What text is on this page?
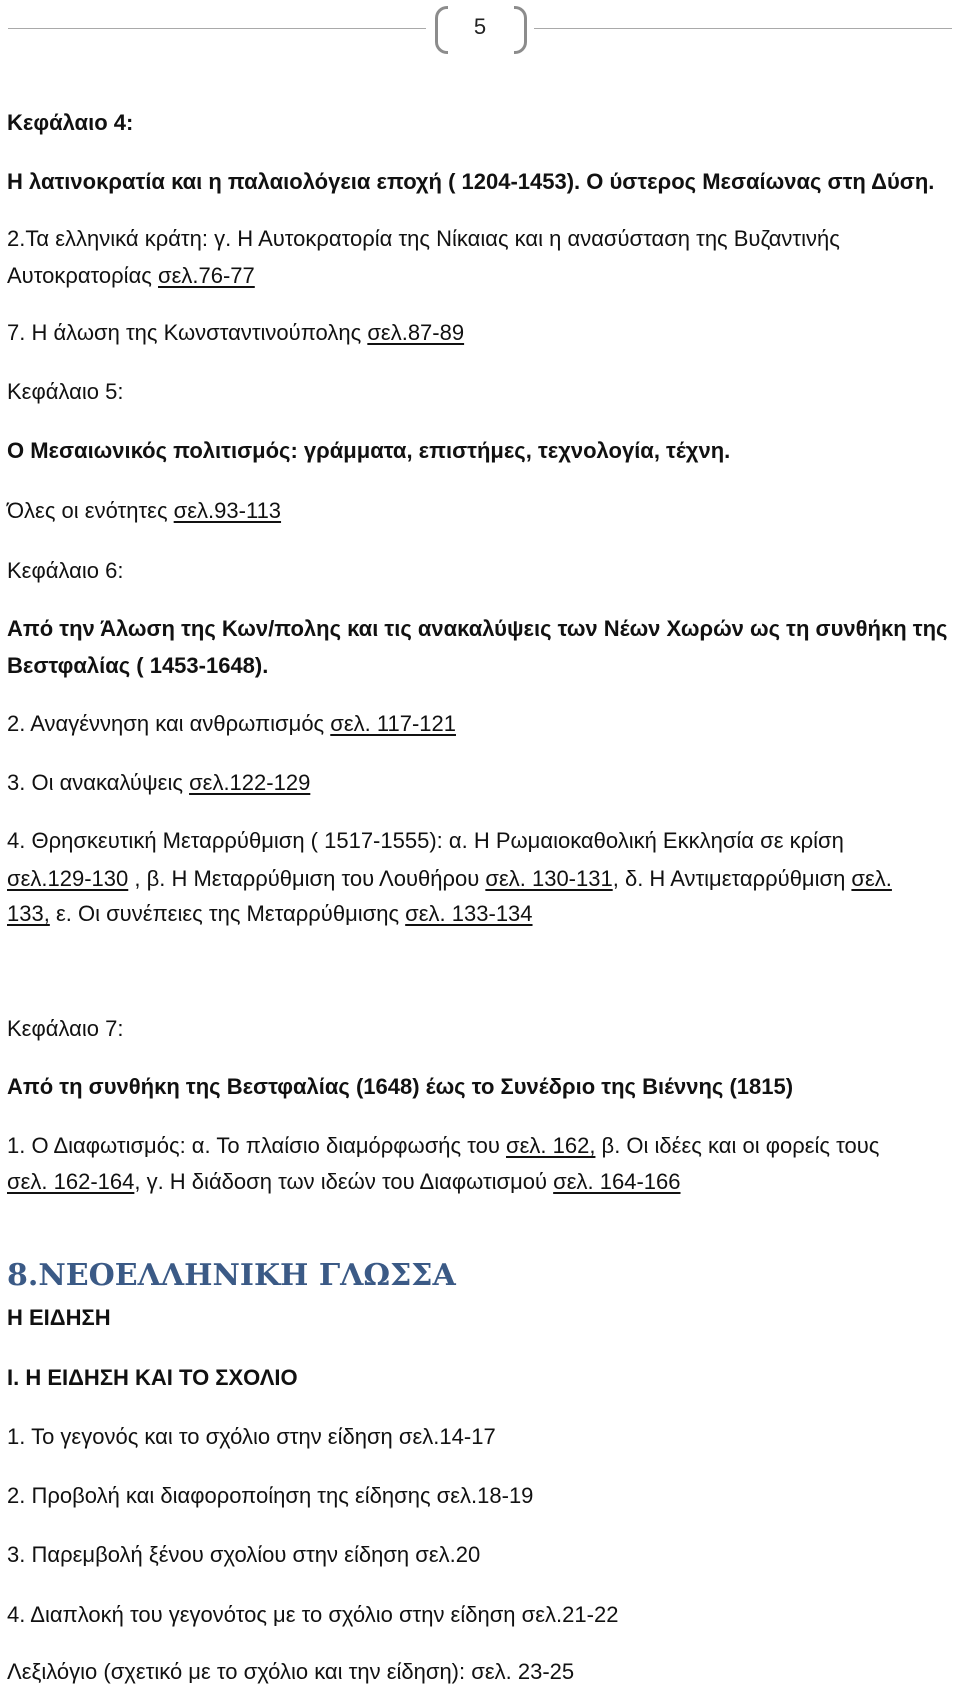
5
Κεφάλαιο 4:
Η λατινοκρατία και η παλαιολόγεια εποχή ( 1204-1453). Ο ύστερος Μεσαίωνας στη Δύση.
2.Τα ελληνικά κράτη: γ. Η Αυτοκρατορία της Νίκαιας και η ανασύσταση της Βυζαντινής
Αυτοκρατορίας σελ.76-77
7. Η άλωση της Κωνσταντινούπολης σελ.87-89
Κεφάλαιο 5:
Ο Μεσαιωνικός πολιτισμός: γράμματα, επιστήμες, τεχνολογία, τέχνη.
Όλες οι ενότητες σελ.93-113
Κεφάλαιο 6:
Από την Άλωση της Κων/πολης και τις ανακαλύψεις των Νέων Χωρών ως τη συνθήκη της
Βεστφαλίας ( 1453-1648).
2. Αναγέννηση και ανθρωπισμός σελ. 117-121
3. Οι ανακαλύψεις σελ.122-129
4. Θρησκευτική Μεταρρύθμιση ( 1517-1555): α. Η Ρωμαιοκαθολική Εκκλησία σε κρίση
σελ.129-130 , β. Η Μεταρρύθμιση του Λουθήρου σελ. 130-131, δ. Η Αντιμεταρρύθμιση σελ.
133, ε. Οι συνέπειες της Μεταρρύθμισης σελ. 133-134
Κεφάλαιο 7:
Από τη συνθήκη της Βεστφαλίας (1648) έως το Συνέδριο της Βιέννης (1815)
1. Ο Διαφωτισμός: α. Το πλαίσιο διαμόρφωσής του σελ. 162, β. Οι ιδέες και οι φορείς τους
σελ. 162-164, γ. Η διάδοση των ιδεών του Διαφωτισμού σελ. 164-166
8.ΝΕΟΕΛΛΗΝΙΚΗ ΓΛΩΣΣΑ
Η ΕΙΔΗΣΗ
Ι. Η ΕΙΔΗΣΗ ΚΑΙ ΤΟ ΣΧΟΛΙΟ
1. Το γεγονός και το σχόλιο στην είδηση σελ.14-17
2. Προβολή και διαφοροποίηση της είδησης σελ.18-19
3. Παρεμβολή ξένου σχολίου στην είδηση σελ.20
4. Διαπλοκή του γεγονότος με το σχόλιο στην είδηση σελ.21-22
Λεξιλόγιο (σχετικό με το σχόλιο και την είδηση): σελ. 23-25
